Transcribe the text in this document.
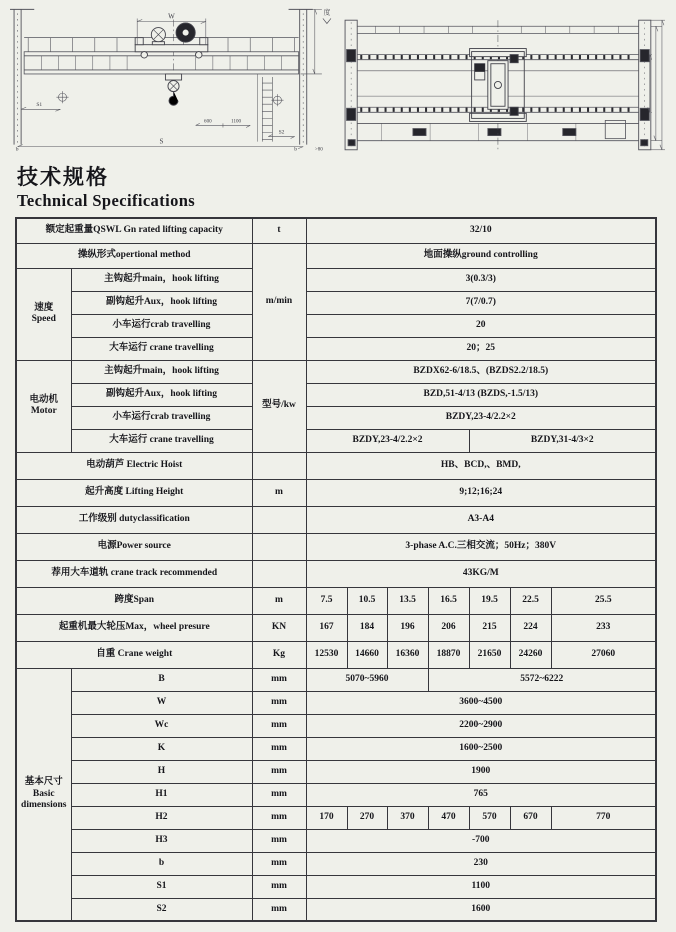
W
S
S1
S2
600	1100
b	b	>80
度
技术规格
Technical Specifications
额定起重量QSWL Gn rated lifting capacity		t	32/10						
操纵形式opertional method		m/min	地面操纵ground controlling						
速度
Speed	主钩起升main，hook lifting		3(0.3/3)						
	副钩起升Aux，hook lifting		7(7/0.7)						
	小车运行crab travelling		20						
	大车运行 crane travelling		20；25						
电动机
Motor	主钩起升main，hook lifting	型号/kw	BZDX62-6/18.5、(BZDS2.2/18.5)						
	副钩起升Aux，hook lifting		BZD,51-4/13 (BZDS,-1.5/13)						
	小车运行crab travelling		BZDY,23-4/2.2×2						
	大车运行 crane travelling		BZDY,23-4/2.2×2				BZDY,31-4/3×2		
电动葫芦 Electric Hoist			HB、BCD,、BMD,						
起升高度 Lifting Height		m	9;12;16;24						
工作级别 dutyclassification			A3-A4						
电源Power source			3-phase A.C.三相交流；50Hz；380V						
荐用大车道轨 crane track recommended			43KG/M						
跨度Span		m	7.5	10.5	13.5	16.5	19.5	22.5	25.5
起重机最大轮压Max，wheel presure		KN	167	184	196	206	215	224	233
自重 Crane weight		Kg	12530	14660	16360	18870	21650	24260	27060
基本尺寸
Basic dimensions	B	mm	5070~5960			5572~6222			
	W	mm	3600~4500						
	Wc	mm	2200~2900						
	K	mm	1600~2500						
	H	mm	1900						
	H1	mm	765						
	H2	mm	170	270	370	470	570	670	770
	H3	mm	-700						
	b	mm	230						
	S1	mm	1100						
	S2	mm	1600						
